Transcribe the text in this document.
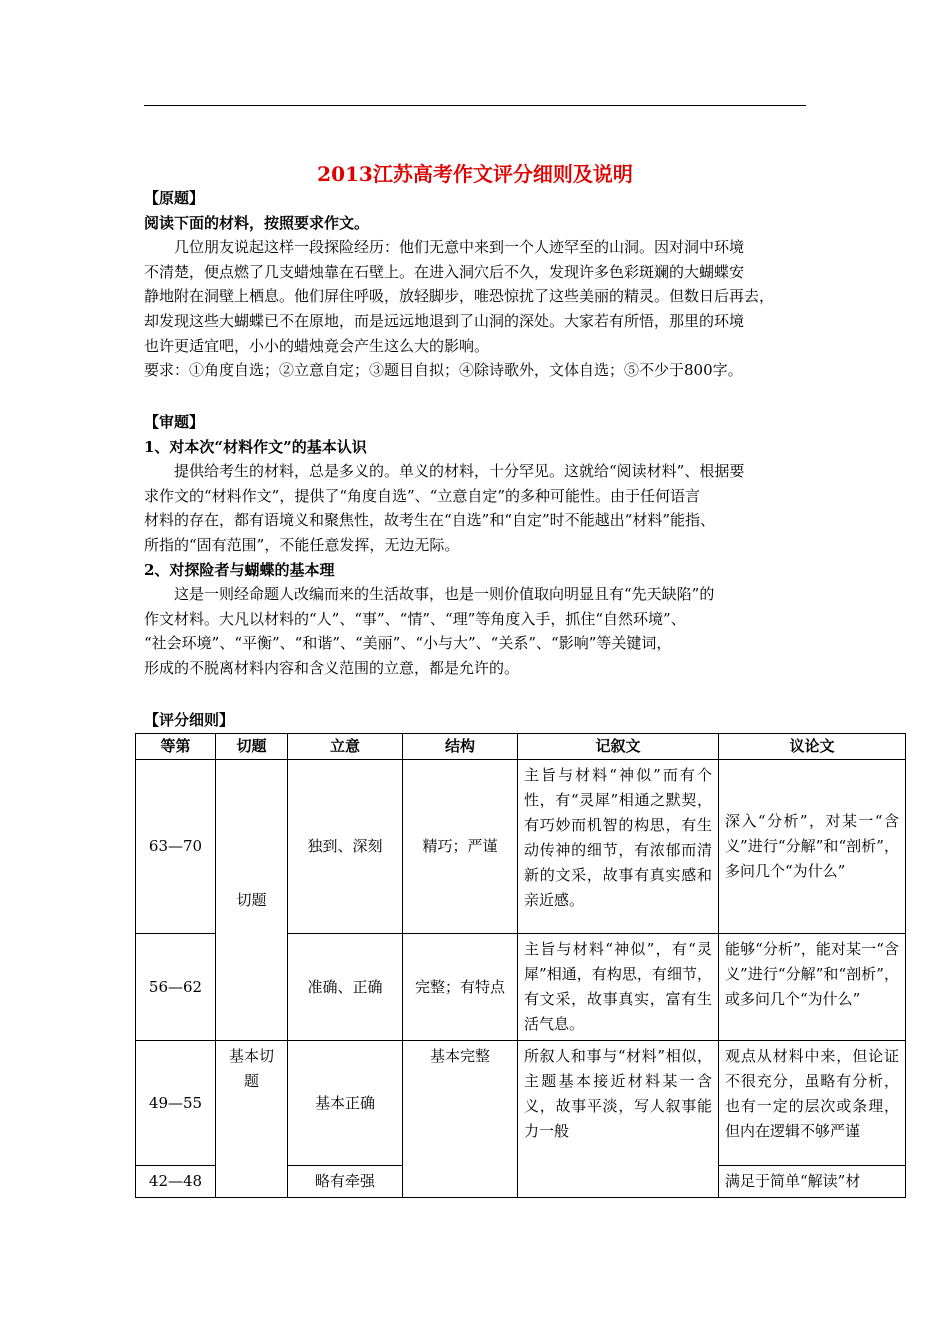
2013江苏高考作文评分细则及说明
【原题】
阅读下面的材料，按照要求作文。
几位朋友说起这样一段探险经历：他们无意中来到一个人迹罕至的山洞。因对洞中环境
不清楚，便点燃了几支蜡烛靠在石壁上。在进入洞穴后不久，发现许多色彩斑斓的大蝴蝶安
静地附在洞壁上栖息。他们屏住呼吸，放轻脚步，唯恐惊扰了这些美丽的精灵。但数日后再去，
却发现这些大蝴蝶已不在原地，而是远远地退到了山洞的深处。大家若有所悟，那里的环境
也许更适宜吧，小小的蜡烛竟会产生这么大的影响。
要求：①角度自选；②立意自定；③题目自拟；④除诗歌外，文体自选；⑤不少于800字。
【审题】
1、对本次“材料作文”的基本认识
提供给考生的材料，总是多义的。单义的材料，十分罕见。这就给“阅读材料”、根据要
求作文的“材料作文”，提供了“角度自选”、“立意自定”的多种可能性。由于任何语言
材料的存在，都有语境义和聚焦性，故考生在“自选”和“自定”时不能越出“材料”能指、
所指的“固有范围”，不能任意发挥，无边无际。
2、对探险者与蝴蝶的基本理
这是一则经命题人改编而来的生活故事，也是一则价值取向明显且有“先天缺陷”的
作文材料。大凡以材料的“人”、“事”、“情”、“理”等角度入手，抓住“自然环境”、
“社会环境”、“平衡”、“和谐”、“美丽”、“小与大”、“关系”、“影响”等关键词，
形成的不脱离材料内容和含义范围的立意，都是允许的。
【评分细则】
等第	切题	立意	结构	记叙文	议论文
63—70	切题	独到、深刻	精巧；严谨	主旨与材料“神似”而有个性，有“灵犀”相通之默契，有巧妙而机智的构思，有生动传神的细节，有浓郁而清新的文采，故事有真实感和亲近感。	深入“分析”，对某一“含义”进行“分解”和“剖析”，多问几个“为什么”
56—62		准确、正确	完整；有特点	主旨与材料“神似”，有“灵犀”相通，有构思，有细节，有文采，故事真实，富有生活气息。	能够“分析”，能对某一“含义”进行“分解”和“剖析”，或多问几个“为什么”
49—55	基本切题	基本正确	基本完整	所叙人和事与“材料”相似，主题基本接近材料某一含义，故事平淡，写人叙事能力一般	观点从材料中来，但论证不很充分，虽略有分析，也有一定的层次或条理，但内在逻辑不够严谨
42—48		略有牵强			满足于简单“解读”材
